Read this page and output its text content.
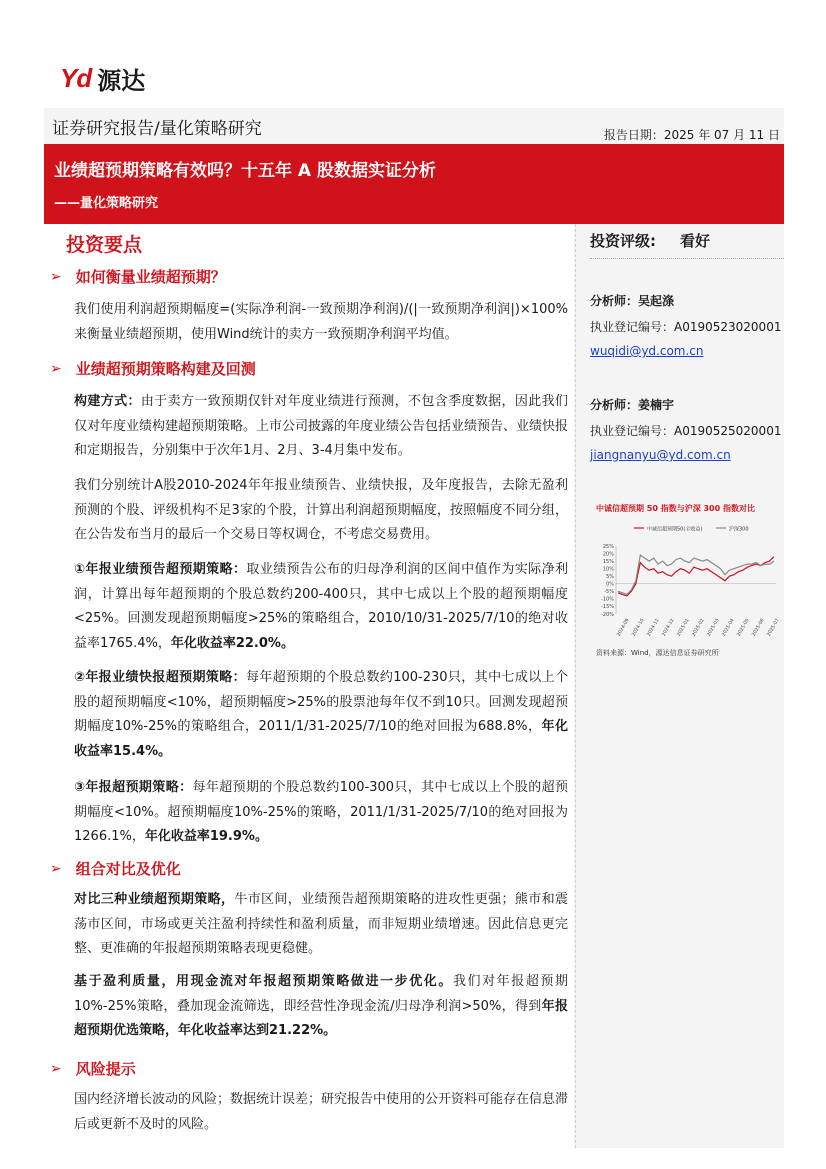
Yd 源达
证券研究报告/量化策略研究	报告日期：2025 年 07 月 11 日
业绩超预期策略有效吗？十五年 A 股数据实证分析
——量化策略研究
投资要点
➢ 如何衡量业绩超预期？
我们使用利润超预期幅度=(实际净利润-一致预期净利润)/(|一致预期净利润|)×100% 来衡量业绩超预期，使用Wind统计的卖方一致预期净利润平均值。
➢ 业绩超预期策略构建及回测
构建方式：由于卖方一致预期仅针对年度业绩进行预测，不包含季度数据，因此我们仅对年度业绩构建超预期策略。上市公司披露的年度业绩公告包括业绩预告、业绩快报和定期报告，分别集中于次年1月、2月、3-4月集中发布。
我们分别统计A股2010-2024年年报业绩预告、业绩快报，及年度报告，去除无盈利预测的个股、评级机构不足3家的个股，计算出利润超预期幅度，按照幅度不同分组，在公告发布当月的最后一个交易日等权调仓，不考虑交易费用。
①年报业绩预告超预期策略：取业绩预告公布的归母净利润的区间中值作为实际净利润，计算出每年超预期的个股总数约200-400只，其中七成以上个股的超预期幅度<25%。回测发现超预期幅度>25%的策略组合，2010/10/31-2025/7/10的绝对收益率1765.4%，年化收益率22.0%。
②年报业绩快报超预期策略：每年超预期的个股总数约100-230只，其中七成以上个股的超预期幅度<10%，超预期幅度>25%的股票池每年仅不到10只。回测发现超预期幅度10%-25%的策略组合，2011/1/31-2025/7/10的绝对回报为688.8%，年化收益率15.4%。
③年报超预期策略：每年超预期的个股总数约100-300只，其中七成以上个股的超预期幅度<10%。超预期幅度10%-25%的策略，2011/1/31-2025/7/10的绝对回报为1266.1%，年化收益率19.9%。
➢ 组合对比及优化
对比三种业绩超预期策略，牛市区间，业绩预告超预期策略的进攻性更强；熊市和震荡市区间，市场或更关注盈利持续性和盈利质量，而非短期业绩增速。因此信息更完整、更准确的年报超预期策略表现更稳健。
基于盈利质量，用现金流对年报超预期策略做进一步优化。我们对年报超预期10%-25%策略，叠加现金流筛选，即经营性净现金流/归母净利润>50%，得到年报超预期优选策略，年化收益率达到21.22%。
➢ 风险提示
国内经济增长波动的风险；数据统计误差；研究报告中使用的公开资料可能存在信息滞后或更新不及时的风险。
投资评级: 看好
分析师：吴起涤
执业登记编号：A0190523020001
wuqidi@yd.com.cn
分析师：姜楠宇
执业登记编号：A0190525020001
jiangnanyu@yd.com.cn
中诚信超预期 50 指数与沪深 300 指数对比
中诚信超预期50(全收益)	沪深300
25%
20%
15%
10%
5%
0%
-5%
-10%
-15%
-20%
2024-09 2024-10 2024-11 2024-12 2025-01 2025-02 2025-03 2025-04 2025-05 2025-06 2025-07
资料来源：Wind，源达信息证券研究所
